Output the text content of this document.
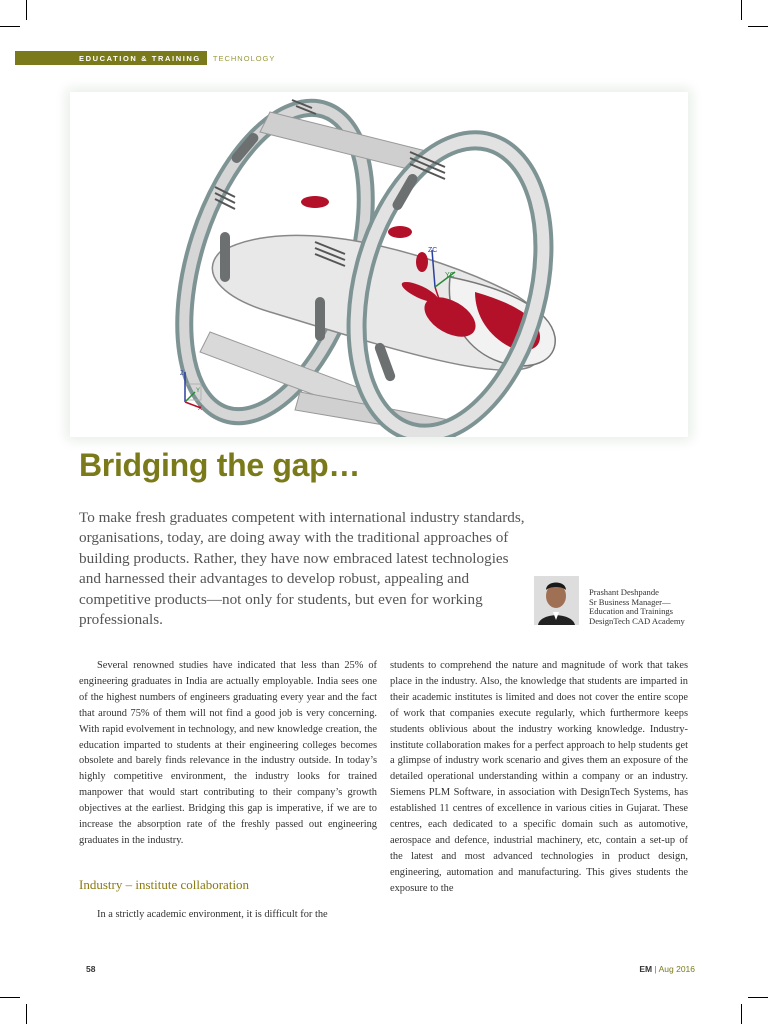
EDUCATION & TRAINING TECHNOLOGY
ZC
YC
XC
Z
Y
X
Bridging the gap…

To make fresh graduates competent with international industry standards, organisations, today, are doing away with the traditional approaches of building products. Rather, they have now embraced latest technologies and harnessed their advantages to develop robust, appealing and competitive products—not only for students, but even for working professionals.

Prashant Deshpande
Sr Business Manager—
Education and Trainings
DesignTech CAD Academy

Several renowned studies have indicated that less than 25% of engineering graduates in India are actually employable. India sees one of the highest numbers of engineers graduating every year and the fact that around 75% of them will not find a good job is very concerning. With rapid evolvement in technology, and new knowledge creation, the education imparted to students at their engineering colleges becomes obsolete and barely finds relevance in the industry outside. In today’s highly competitive environment, the industry looks for trained manpower that would start contributing to their company’s growth objectives at the earliest. Bridging this gap is imperative, if we are to increase the absorption rate of the freshly passed out engineering graduates in the industry.

Industry – institute collaboration

In a strictly academic environment, it is difficult for the

students to comprehend the nature and magnitude of work that takes place in the industry. Also, the knowledge that students are imparted in their academic institutes is limited and does not cover the entire scope of work that companies execute regularly, which furthermore keeps students oblivious about the industry working knowledge. Industry-institute collaboration makes for a perfect approach to help students get a glimpse of industry work scenario and gives them an exposure of the detailed operational understanding within a company or an industry. Siemens PLM Software, in association with DesignTech Systems, has established 11 centres of excellence in various cities in Gujarat. These centres, each dedicated to a specific domain such as automotive, aerospace and defence, industrial machinery, etc, contain a set-up of the latest and most advanced technologies in product design, engineering, automation and manufacturing. This gives students the exposure to the

58	EM | Aug 2016
